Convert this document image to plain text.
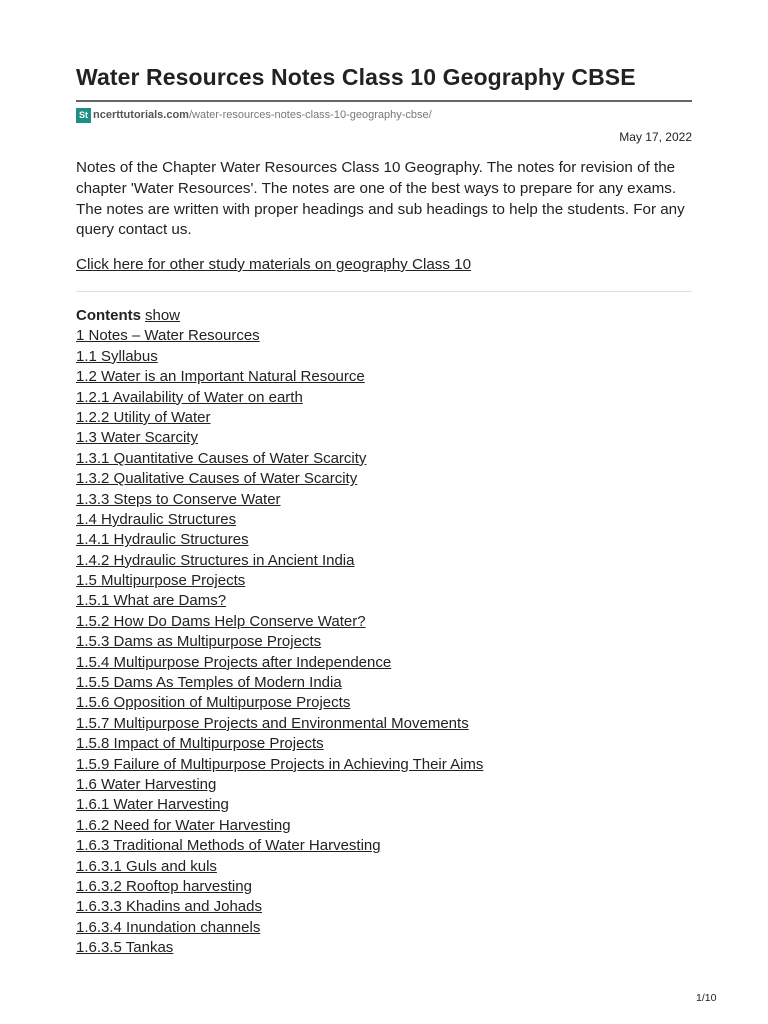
Water Resources Notes Class 10 Geography CBSE
St ncerttutorials.com /water-resources-notes-class-10-geography-cbse/
May 17, 2022

Notes of the Chapter Water Resources Class 10 Geography. The notes for revision of the chapter 'Water Resources'. The notes are one of the best ways to prepare for any exams. The notes are written with proper headings and sub headings to help the students. For any query contact us.

Click here for other study materials on geography Class 10
Contents show
1 Notes – Water Resources
1.1 Syllabus
1.2 Water is an Important Natural Resource
1.2.1 Availability of Water on earth
1.2.2 Utility of Water
1.3 Water Scarcity
1.3.1 Quantitative Causes of Water Scarcity
1.3.2 Qualitative Causes of Water Scarcity
1.3.3 Steps to Conserve Water
1.4 Hydraulic Structures
1.4.1 Hydraulic Structures
1.4.2 Hydraulic Structures in Ancient India
1.5 Multipurpose Projects
1.5.1 What are Dams?
1.5.2 How Do Dams Help Conserve Water?
1.5.3 Dams as Multipurpose Projects
1.5.4 Multipurpose Projects after Independence
1.5.5 Dams As Temples of Modern India
1.5.6 Opposition of Multipurpose Projects
1.5.7 Multipurpose Projects and Environmental Movements
1.5.8 Impact of Multipurpose Projects
1.5.9 Failure of Multipurpose Projects in Achieving Their Aims
1.6 Water Harvesting
1.6.1 Water Harvesting
1.6.2 Need for Water Harvesting
1.6.3 Traditional Methods of Water Harvesting
1.6.3.1 Guls and kuls
1.6.3.2 Rooftop harvesting
1.6.3.3 Khadins and Johads
1.6.3.4 Inundation channels
1.6.3.5 Tankas
1/10
